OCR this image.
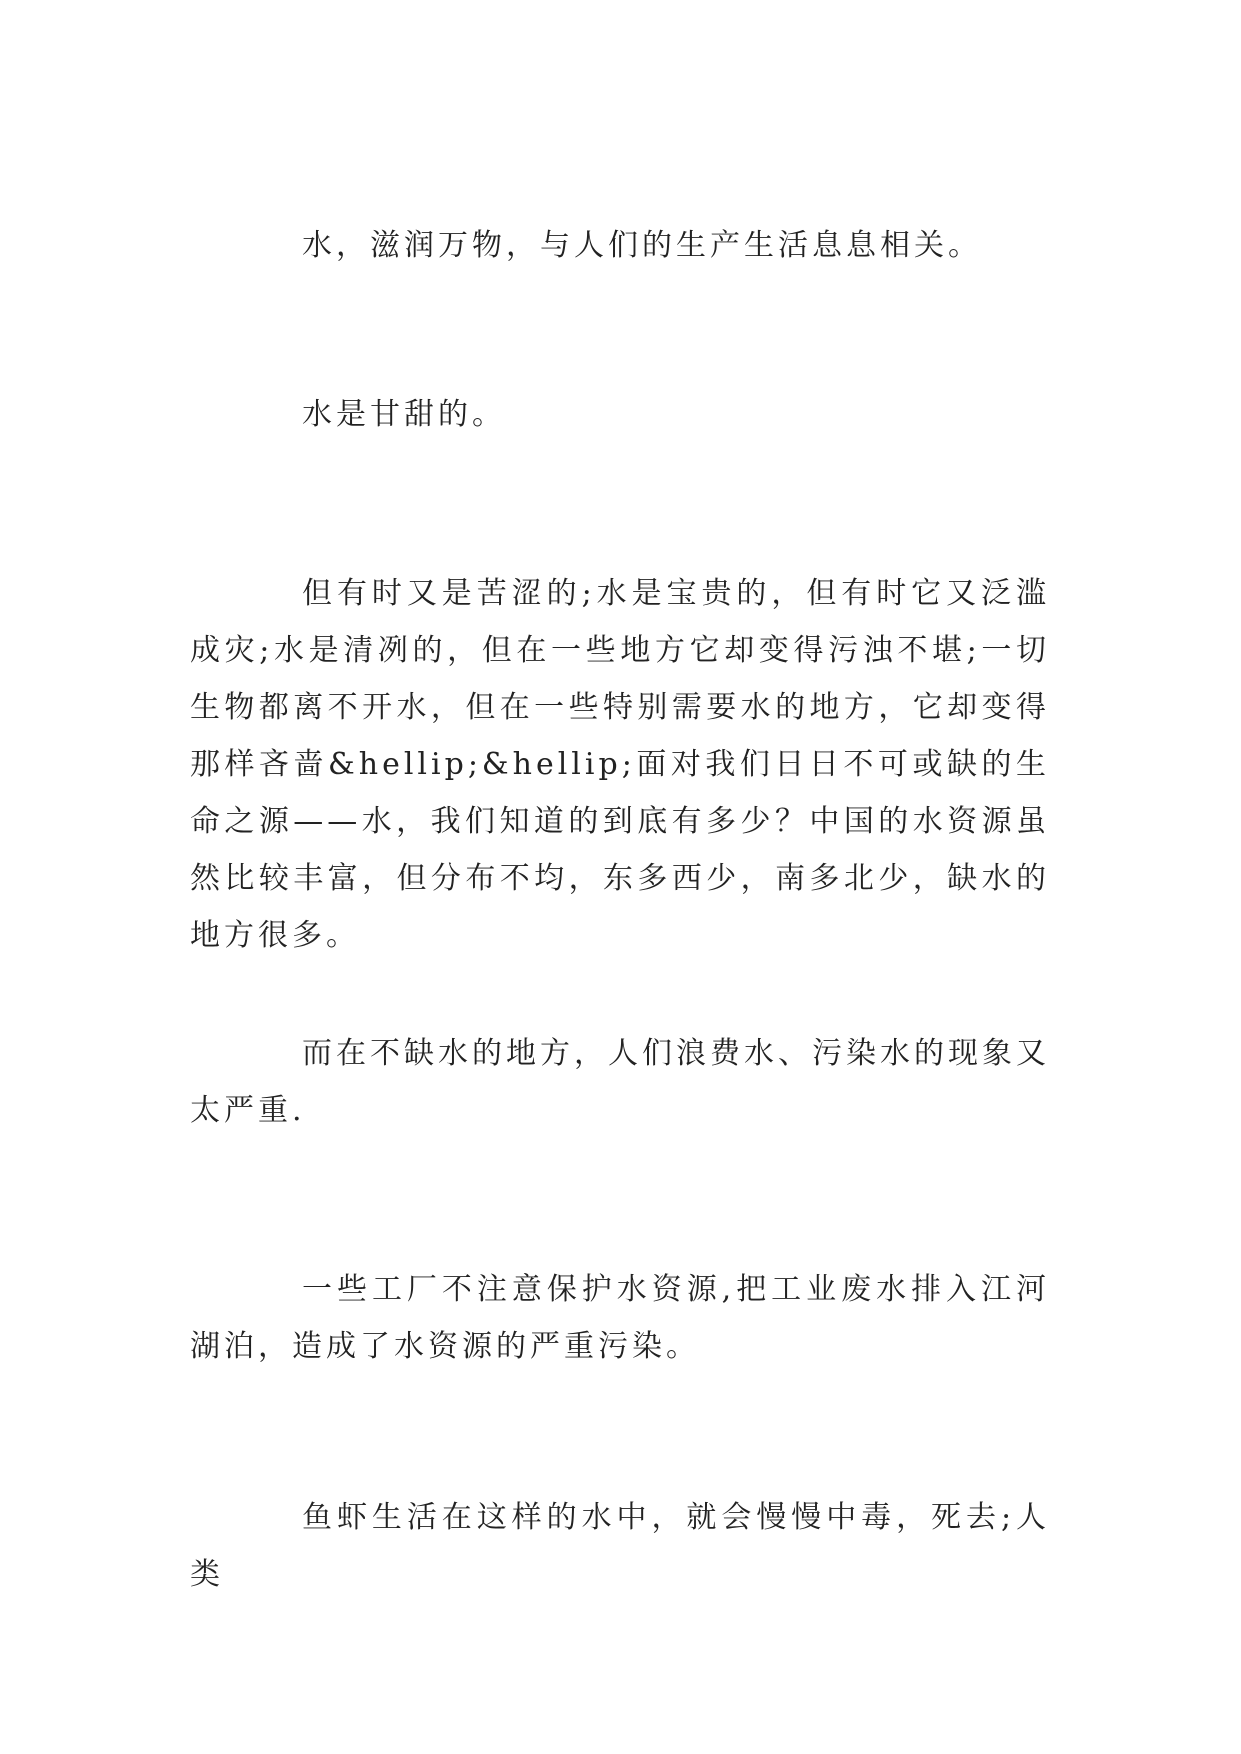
水，滋润万物，与人们的生产生活息息相关。

水是甘甜的。

但有时又是苦涩的;水是宝贵的，但有时它又泛滥成灾;水是清冽的，但在一些地方它却变得污浊不堪;一切生物都离不开水，但在一些特别需要水的地方，它却变得那样吝啬&hellip;&hellip;面对我们日日不可或缺的生命之源——水，我们知道的到底有多少？中国的水资源虽然比较丰富，但分布不均，东多西少，南多北少，缺水的地方很多。

而在不缺水的地方，人们浪费水、污染水的现象又太严重.

一些工厂不注意保护水资源,把工业废水排入江河湖泊，造成了水资源的严重污染。

鱼虾生活在这样的水中，就会慢慢中毒，死去;人类
